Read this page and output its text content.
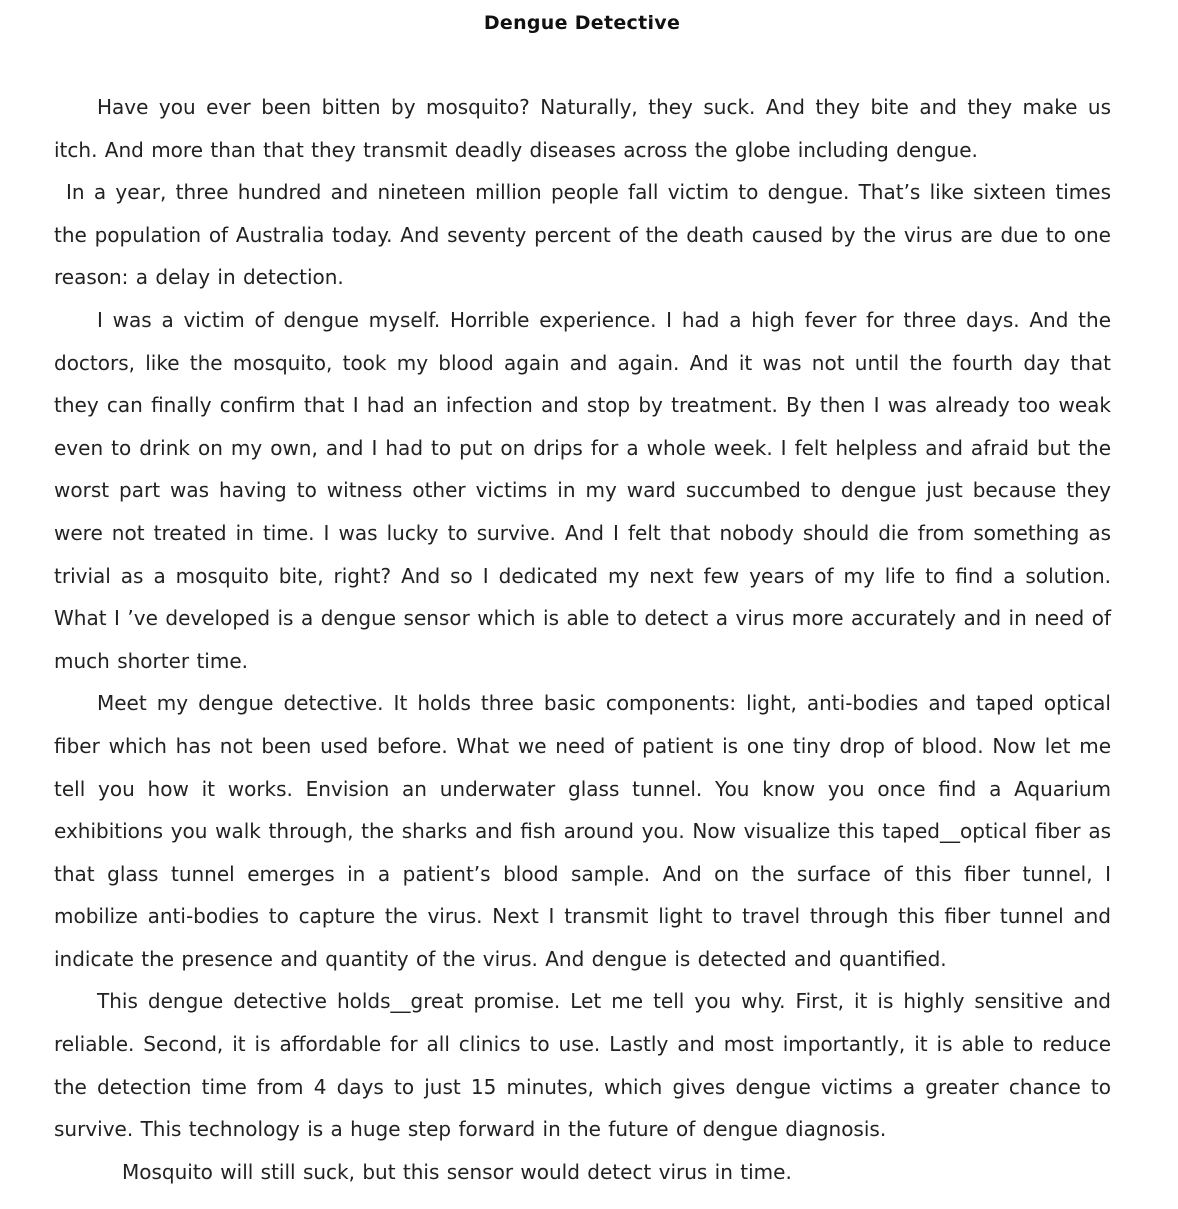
Dengue Detective

Have you ever been bitten by mosquito? Naturally, they suck. And they bite and they make us itch. And more than that they transmit deadly diseases across the globe including dengue.

In a year, three hundred and nineteen million people fall victim to dengue. That’s like sixteen times the population of Australia today. And seventy percent of the death caused by the virus are due to one reason: a delay in detection.

I was a victim of dengue myself. Horrible experience. I had a high fever for three days. And the doctors, like the mosquito, took my blood again and again. And it was not until the fourth day that they can finally confirm that I had an infection and stop by treatment. By then I was already too weak even to drink on my own, and I had to put on drips for a whole week. I felt helpless and afraid but the worst part was having to witness other victims in my ward succumbed to dengue just because they were not treated in time. I was lucky to survive. And I felt that nobody should die from something as trivial as a mosquito bite, right? And so I dedicated my next few years of my life to find a solution. What I ’ve developed is a dengue sensor which is able to detect a virus more accurately and in need of much shorter time.

Meet my dengue detective. It holds three basic components: light, anti-bodies and taped optical fiber which has not been used before. What we need of patient is one tiny drop of blood. Now let me tell you how it works. Envision an underwater glass tunnel. You know you once find a Aquarium exhibitions you walk through, the sharks and fish around you. Now visualize this taped__optical fiber as that glass tunnel emerges in a patient’s blood sample. And on the surface of this fiber tunnel, I mobilize anti-bodies to capture the virus. Next I transmit light to travel through this fiber tunnel and indicate the presence and quantity of the virus. And dengue is detected and quantified.

This dengue detective holds__great promise. Let me tell you why. First, it is highly sensitive and reliable. Second, it is affordable for all clinics to use. Lastly and most importantly, it is able to reduce the detection time from 4 days to just 15 minutes, which gives dengue victims a greater chance to survive. This technology is a huge step forward in the future of dengue diagnosis.

Mosquito will still suck, but this sensor would detect virus in time.
